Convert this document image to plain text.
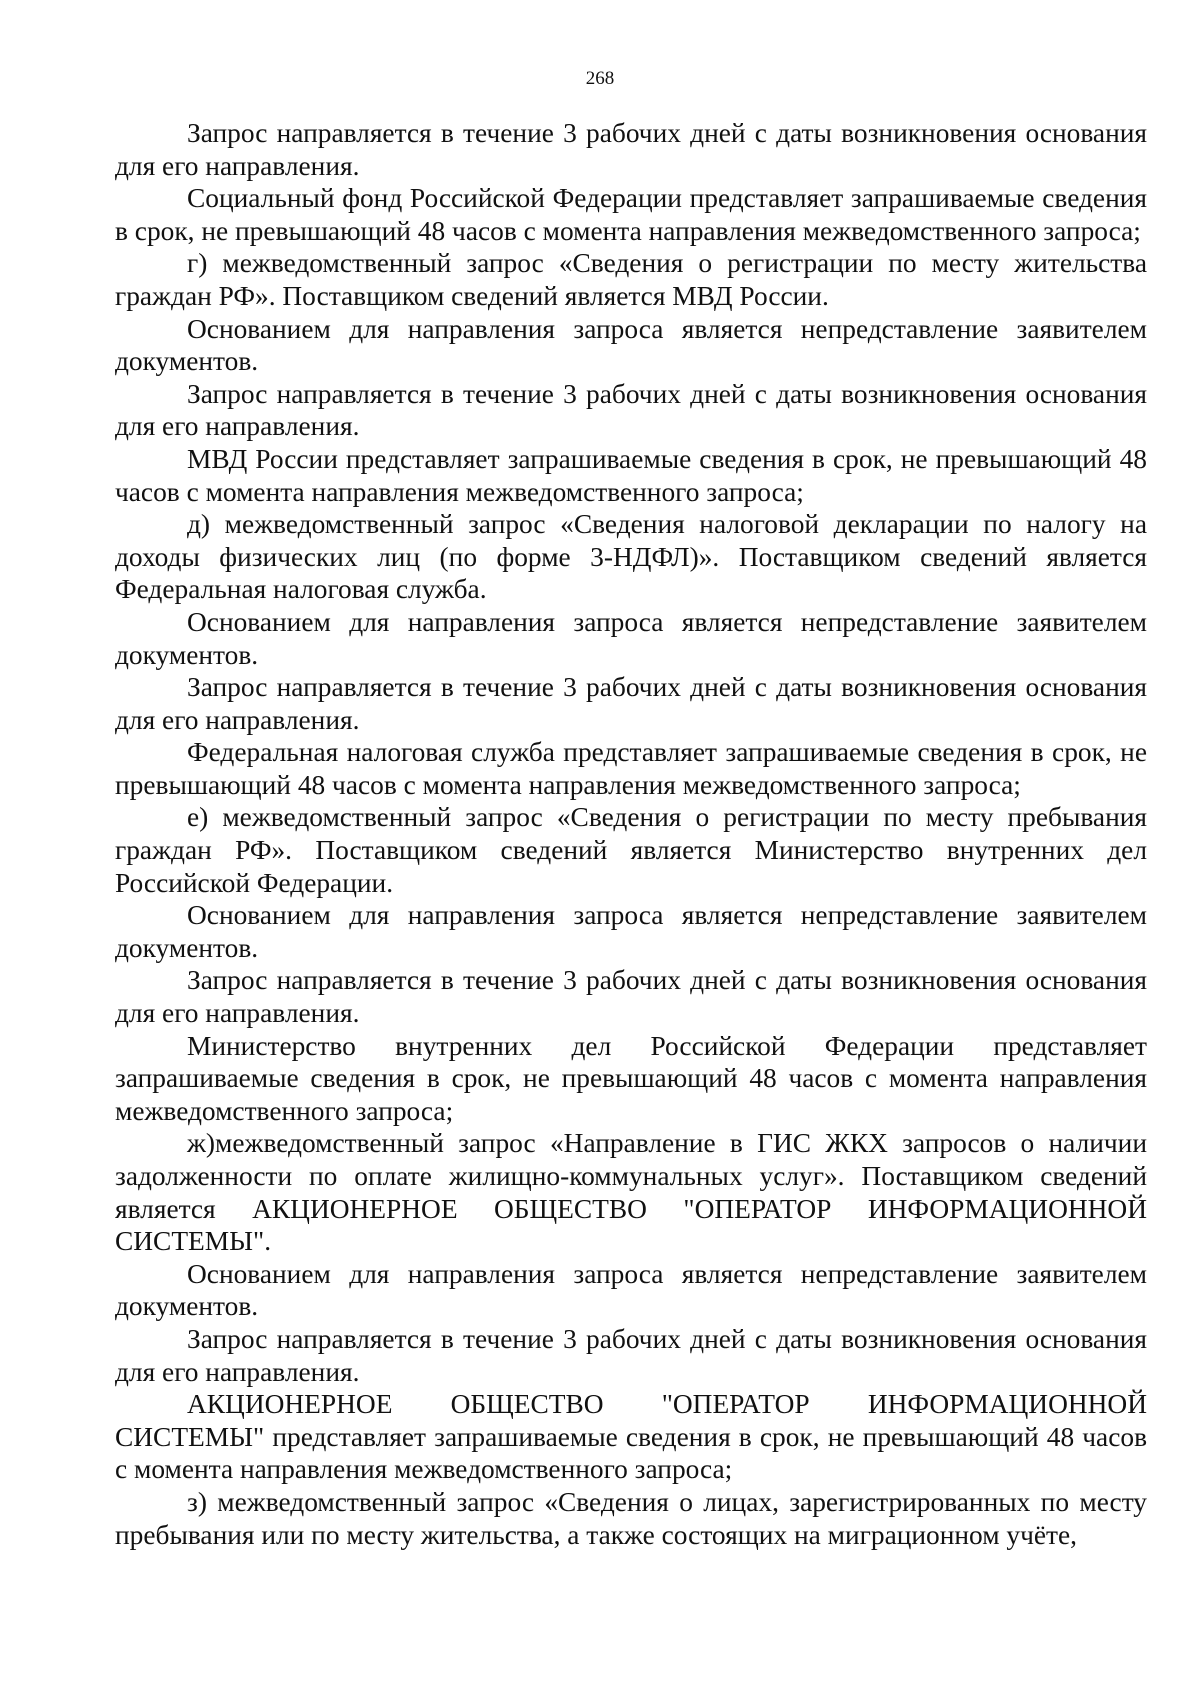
268

Запрос направляется в течение 3 рабочих дней с даты возникновения основания для его направления.

Социальный фонд Российской Федерации представляет запрашиваемые сведения в срок, не превышающий 48 часов с момента направления межведомственного запроса;

г) межведомственный запрос «Сведения о регистрации по месту жительства граждан РФ». Поставщиком сведений является МВД России.

Основанием для направления запроса является непредставление заявителем документов.

Запрос направляется в течение 3 рабочих дней с даты возникновения основания для его направления.

МВД России представляет запрашиваемые сведения в срок, не превышающий 48 часов с момента направления межведомственного запроса;

д) межведомственный запрос «Сведения налоговой декларации по налогу на доходы физических лиц (по форме 3-НДФЛ)». Поставщиком сведений является Федеральная налоговая служба.

Основанием для направления запроса является непредставление заявителем документов.

Запрос направляется в течение 3 рабочих дней с даты возникновения основания для его направления.

Федеральная налоговая служба представляет запрашиваемые сведения в срок, не превышающий 48 часов с момента направления межведомственного запроса;

е) межведомственный запрос «Сведения о регистрации по месту пребывания граждан РФ». Поставщиком сведений является Министерство внутренних дел Российской Федерации.

Основанием для направления запроса является непредставление заявителем документов.

Запрос направляется в течение 3 рабочих дней с даты возникновения основания для его направления.

Министерство внутренних дел Российской Федерации представляет запрашиваемые сведения в срок, не превышающий 48 часов с момента направления межведомственного запроса;

ж)межведомственный запрос «Направление в ГИС ЖКХ запросов о наличии задолженности по оплате жилищно-коммунальных услуг». Поставщиком сведений является АКЦИОНЕРНОЕ ОБЩЕСТВО "ОПЕРАТОР ИНФОРМАЦИОННОЙ СИСТЕМЫ".

Основанием для направления запроса является непредставление заявителем документов.

Запрос направляется в течение 3 рабочих дней с даты возникновения основания для его направления.

АКЦИОНЕРНОЕ ОБЩЕСТВО "ОПЕРАТОР ИНФОРМАЦИОННОЙ СИСТЕМЫ" представляет запрашиваемые сведения в срок, не превышающий 48 часов с момента направления межведомственного запроса;

з) межведомственный запрос «Сведения о лицах, зарегистрированных по месту пребывания или по месту жительства, а также состоящих на миграционном учёте,
